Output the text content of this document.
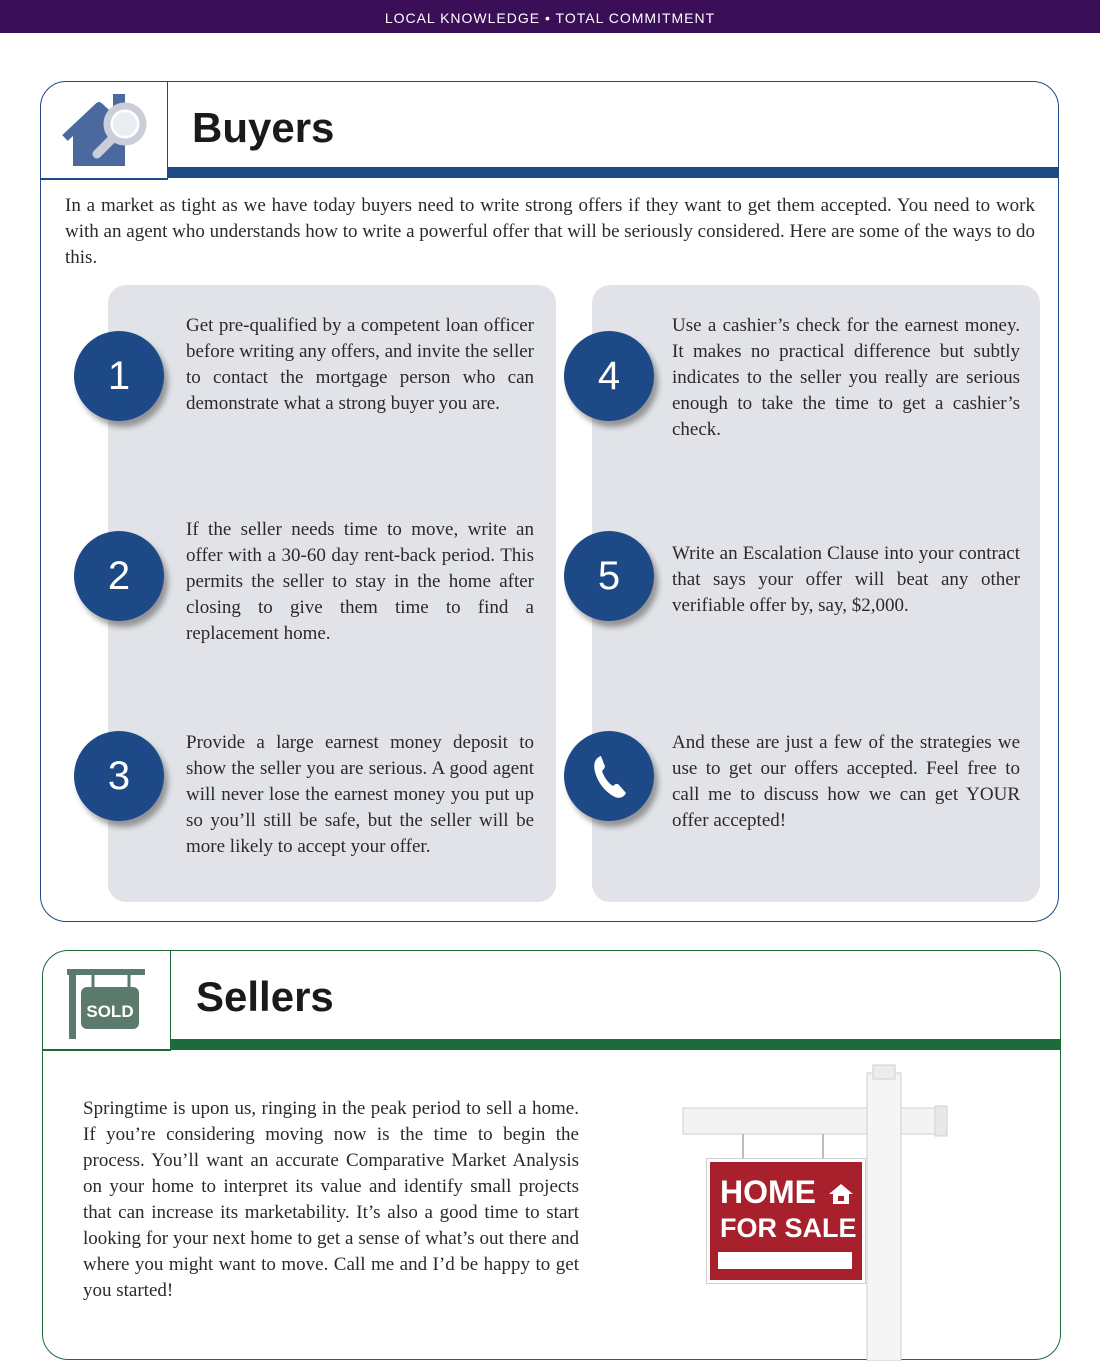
LOCAL KNOWLEDGE • TOTAL COMMITMENT
Buyers

In a market as tight as we have today buyers need to write strong offers if they want to get them accepted. You need to work with an agent who understands how to write a powerful offer that will be seriously considered. Here are some of the ways to do this.

1

Get pre-qualified by a competent loan officer before writing any offers, and invite the seller to contact the mortgage person who can demonstrate what a strong buyer you are.

2

If the seller needs time to move, write an offer with a 30-60 day rent-back period. This permits the seller to stay in the home after closing to give them time to find a replacement home.

3

Provide a large earnest money deposit to show the seller you are serious. A good agent will never lose the earnest money you put up so you’ll still be safe, but the seller will be more likely to accept your offer.

4

Use a cashier’s check for the earnest money. It makes no practical difference but subtly indicates to the seller you really are serious enough to take the time to get a cashier’s check.

5	Write an Escalation Clause into your contract that says your offer will beat any other verifiable offer by, say, $2,000.

And these are just a few of the strategies we use to get our offers accepted. Feel free to call me to discuss how we can get YOUR offer accepted!

SOLD Sellers

Springtime is upon us, ringing in the peak period to sell a home. If you’re considering moving now is the time to begin the process. You’ll want an accurate Comparative Market Analysis on your home to interpret its value and identify small projects that can increase its marketability. It’s also a good time to start looking for your next home to get a sense of what’s out there and where you might want to move. Call me and I’d be happy to get you started!

HOME
FOR SALE
